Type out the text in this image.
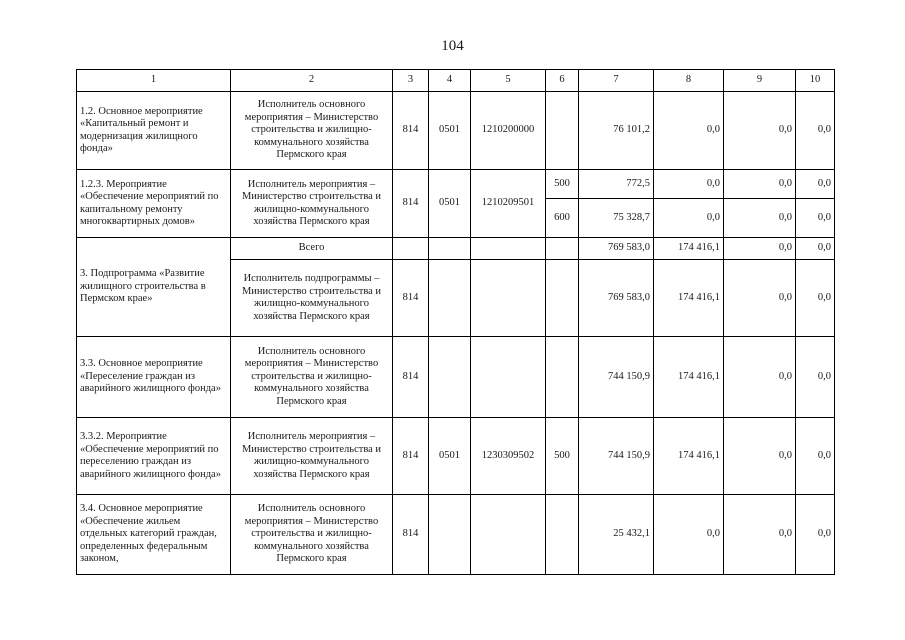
104
1	2	3	4	5	6	7	8	9	10
1.2. Основное мероприятие «Капитальный ремонт и модернизация жилищного фонда»	Исполнитель основного мероприятия – Министерство строительства и жилищно-коммунального хозяйства Пермского края	814	0501	1210200000		76 101,2	0,0	0,0	0,0
1.2.3. Мероприятие «Обеспечение мероприятий по капитальному ремонту многоквартирных домов»	Исполнитель мероприятия – Министерство строительства и жилищно-коммунального хозяйства Пермского края	814	0501	1210209501	500	772,5	0,0	0,0	0,0
					600	75 328,7	0,0	0,0	0,0
3. Подпрограмма «Развитие жилищного строительства в Пермском крае»	Всего					769 583,0	174 416,1	0,0	0,0
	Исполнитель подпрограммы – Министерство строительства и жилищно-коммунального хозяйства Пермского края	814				769 583,0	174 416,1	0,0	0,0
3.3. Основное мероприятие «Переселение граждан из аварийного жилищного фонда»	Исполнитель основного мероприятия – Министерство строительства и жилищно-коммунального хозяйства Пермского края	814				744 150,9	174 416,1	0,0	0,0
3.3.2. Мероприятие «Обеспечение мероприятий по переселению граждан из аварийного жилищного фонда»	Исполнитель мероприятия – Министерство строительства и жилищно-коммунального хозяйства Пермского края	814	0501	1230309502	500	744 150,9	174 416,1	0,0	0,0
3.4. Основное мероприятие «Обеспечение жильем отдельных категорий граждан, определенных федеральным законом,	Исполнитель основного мероприятия – Министерство строительства и жилищно-коммунального хозяйства Пермского края	814				25 432,1	0,0	0,0	0,0
